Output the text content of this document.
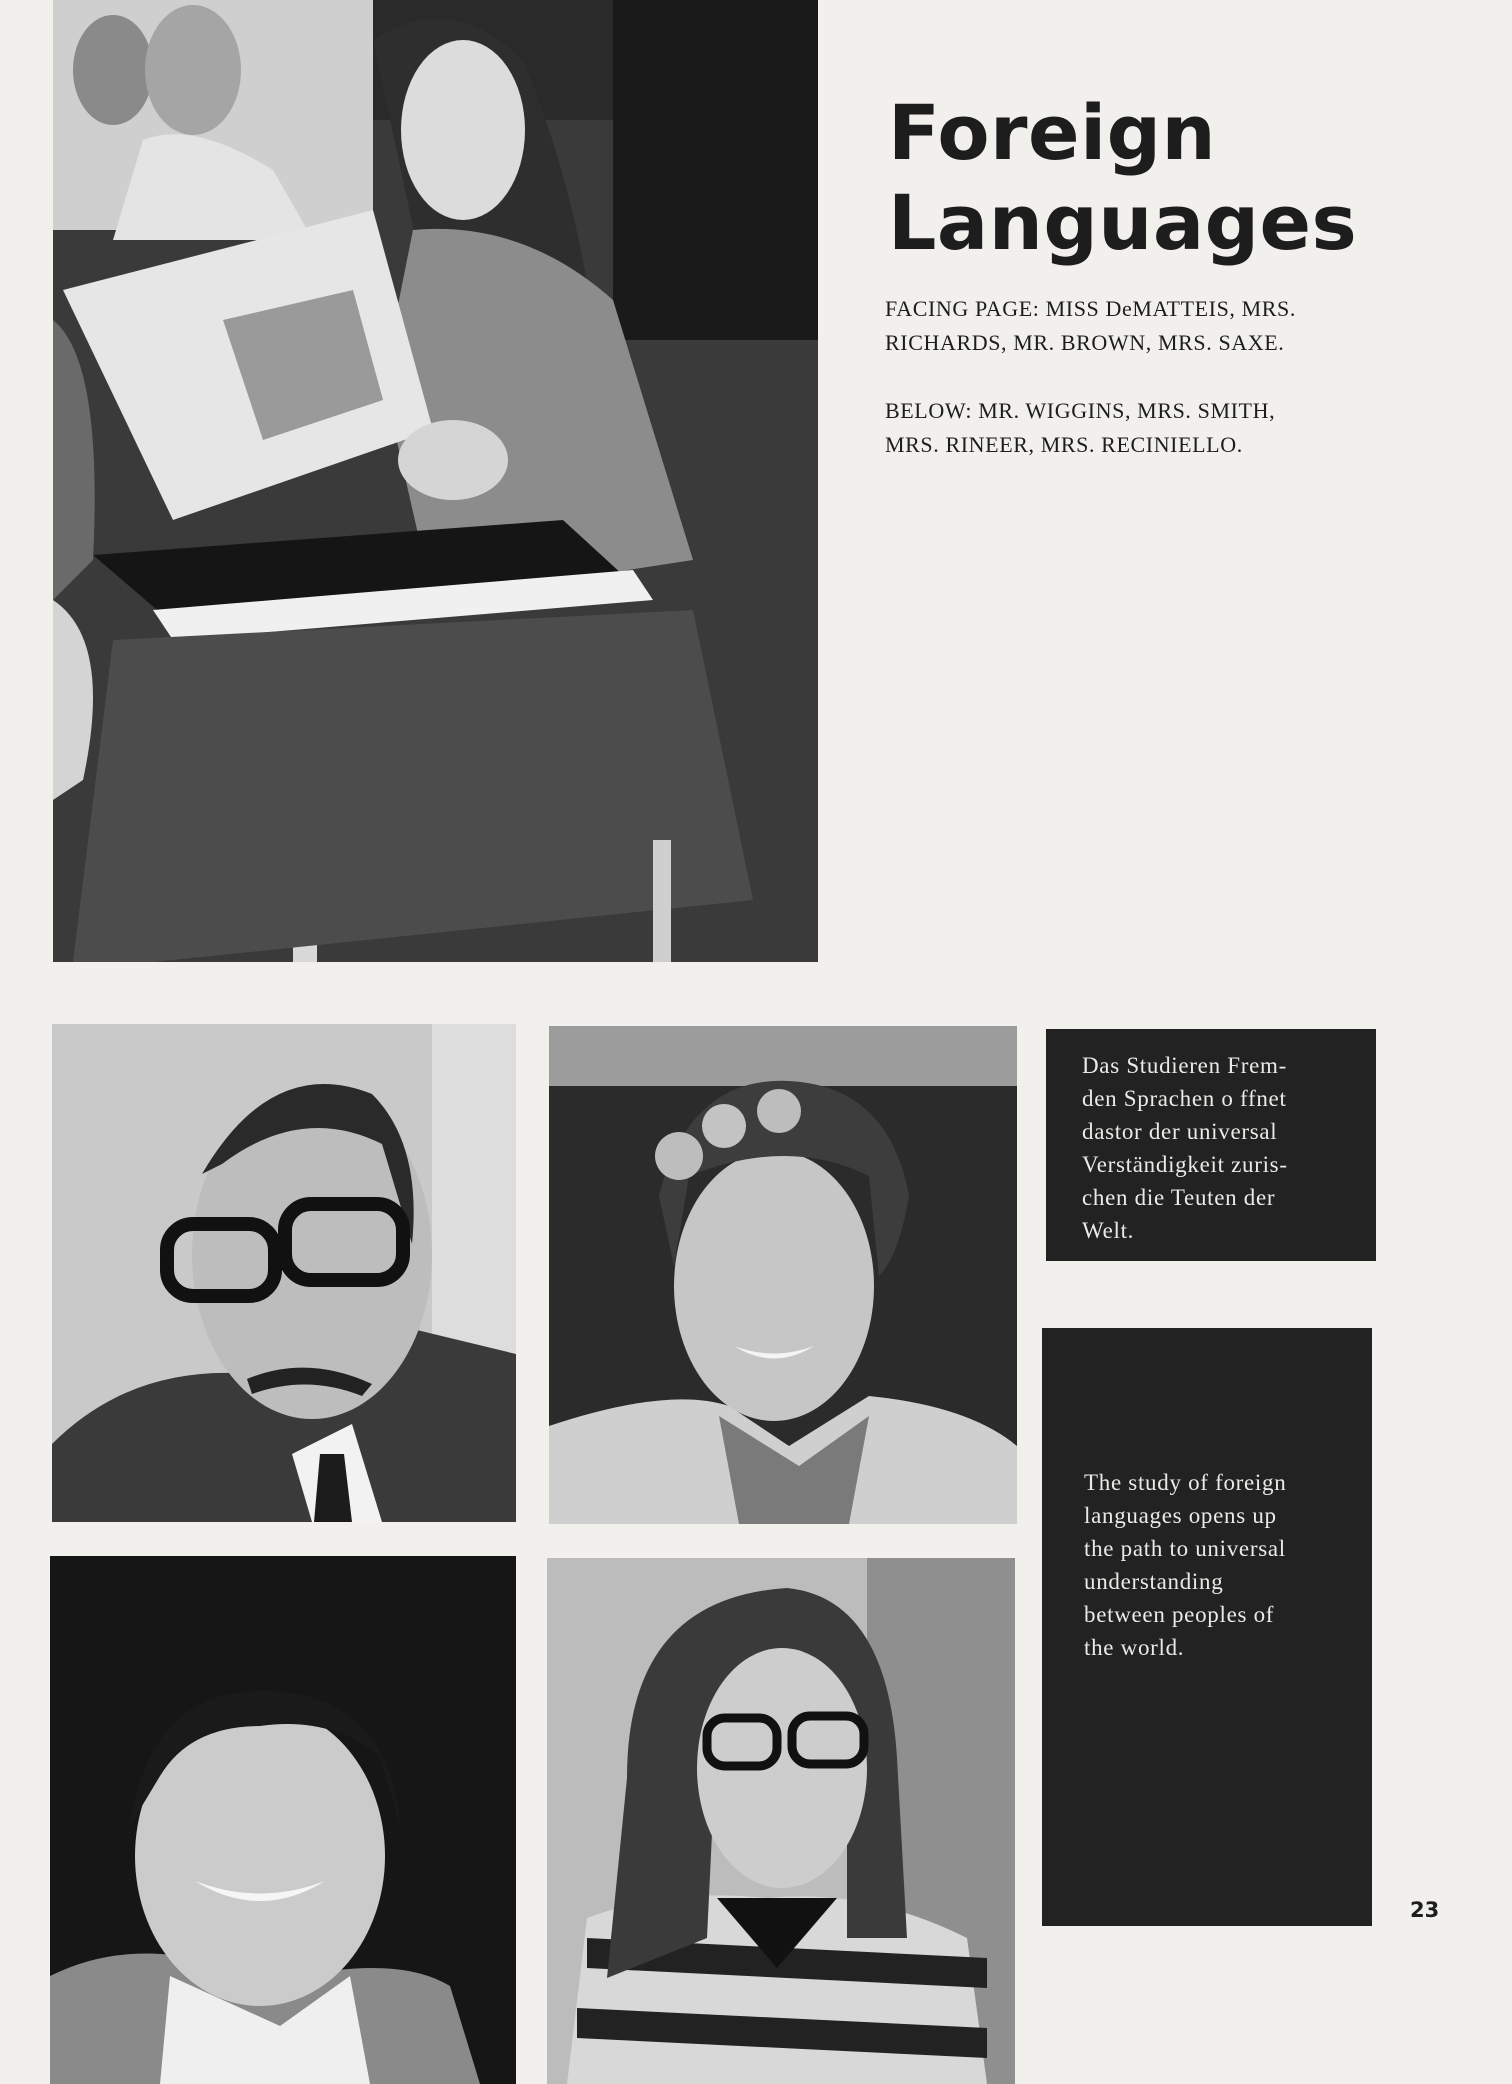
Foreign
Languages

FACING PAGE: MISS DeMATTEIS, MRS.
RICHARDS, MR. BROWN, MRS. SAXE.

BELOW: MR. WIGGINS, MRS. SMITH,
MRS. RINEER, MRS. RECINIELLO.

Das Studieren Frem-
den Sprachen o ffnet
dastor der universal
Verständigkeit zuris-
chen die Teuten der
Welt.
The study of foreign
languages opens up
the path to universal
understanding
between peoples of
the world.
23
